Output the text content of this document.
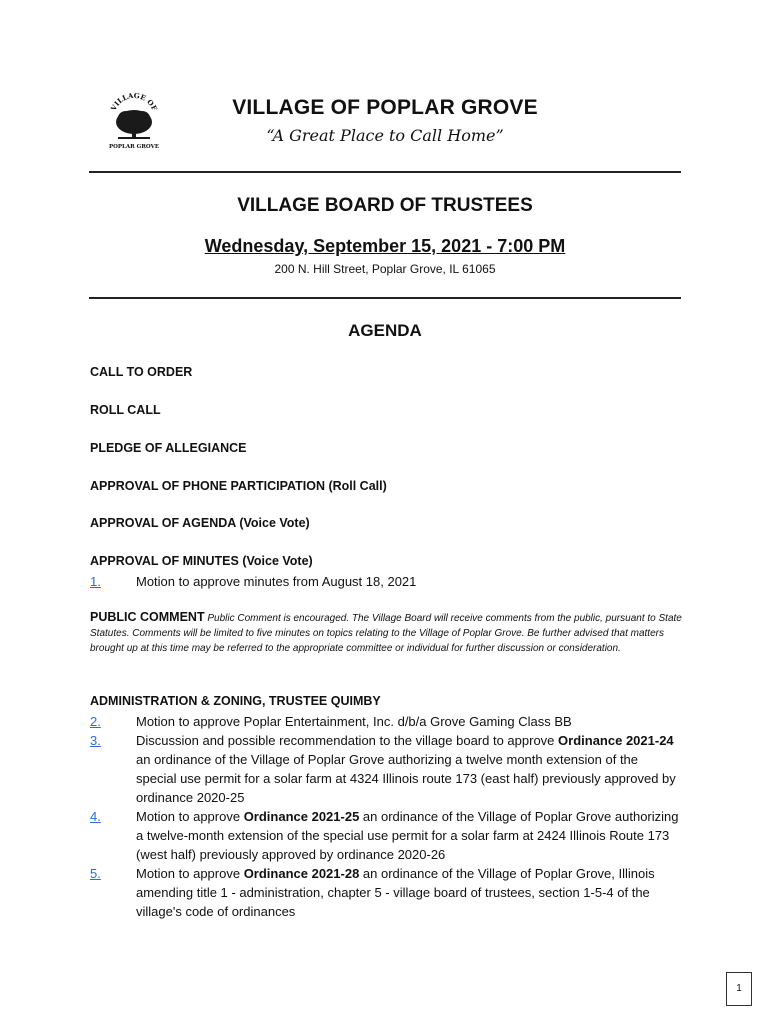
VILLAGE OF
POPLAR GROVE
VILLAGE OF POPLAR GROVE
“A Great Place to Call Home”
VILLAGE BOARD OF TRUSTEES
Wednesday, September 15, 2021 - 7:00 PM
200 N. Hill Street, Poplar Grove, IL 61065
AGENDA
CALL TO ORDER
ROLL CALL
PLEDGE OF ALLEGIANCE
APPROVAL OF PHONE PARTICIPATION (Roll Call)
APPROVAL OF AGENDA (Voice Vote)
APPROVAL OF MINUTES (Voice Vote)
1.	Motion to approve minutes from August 18, 2021
PUBLIC COMMENT Public Comment is encouraged. The Village Board will receive comments from the public, pursuant to State Statutes. Comments will be limited to five minutes on topics relating to the Village of Poplar Grove. Be further advised that matters brought up at this time may be referred to the appropriate committee or individual for further discussion or consideration.
ADMINISTRATION & ZONING, TRUSTEE QUIMBY
2.	Motion to approve Poplar Entertainment, Inc. d/b/a Grove Gaming Class BB
3.	Discussion and possible recommendation to the village board to approve Ordinance 2021-24 an ordinance of the Village of Poplar Grove authorizing a twelve month extension of the special use permit for a solar farm at 4324 Illinois route 173 (east half) previously approved by ordinance 2020-25
4.	Motion to approve Ordinance 2021-25 an ordinance of the Village of Poplar Grove authorizing a twelve-month extension of the special use permit for a solar farm at 2424 Illinois Route 173 (west half) previously approved by ordinance 2020-26
5.	Motion to approve Ordinance 2021-28 an ordinance of the Village of Poplar Grove, Illinois amending title 1 - administration, chapter 5 - village board of trustees, section 1-5-4 of the village's code of ordinances
1
